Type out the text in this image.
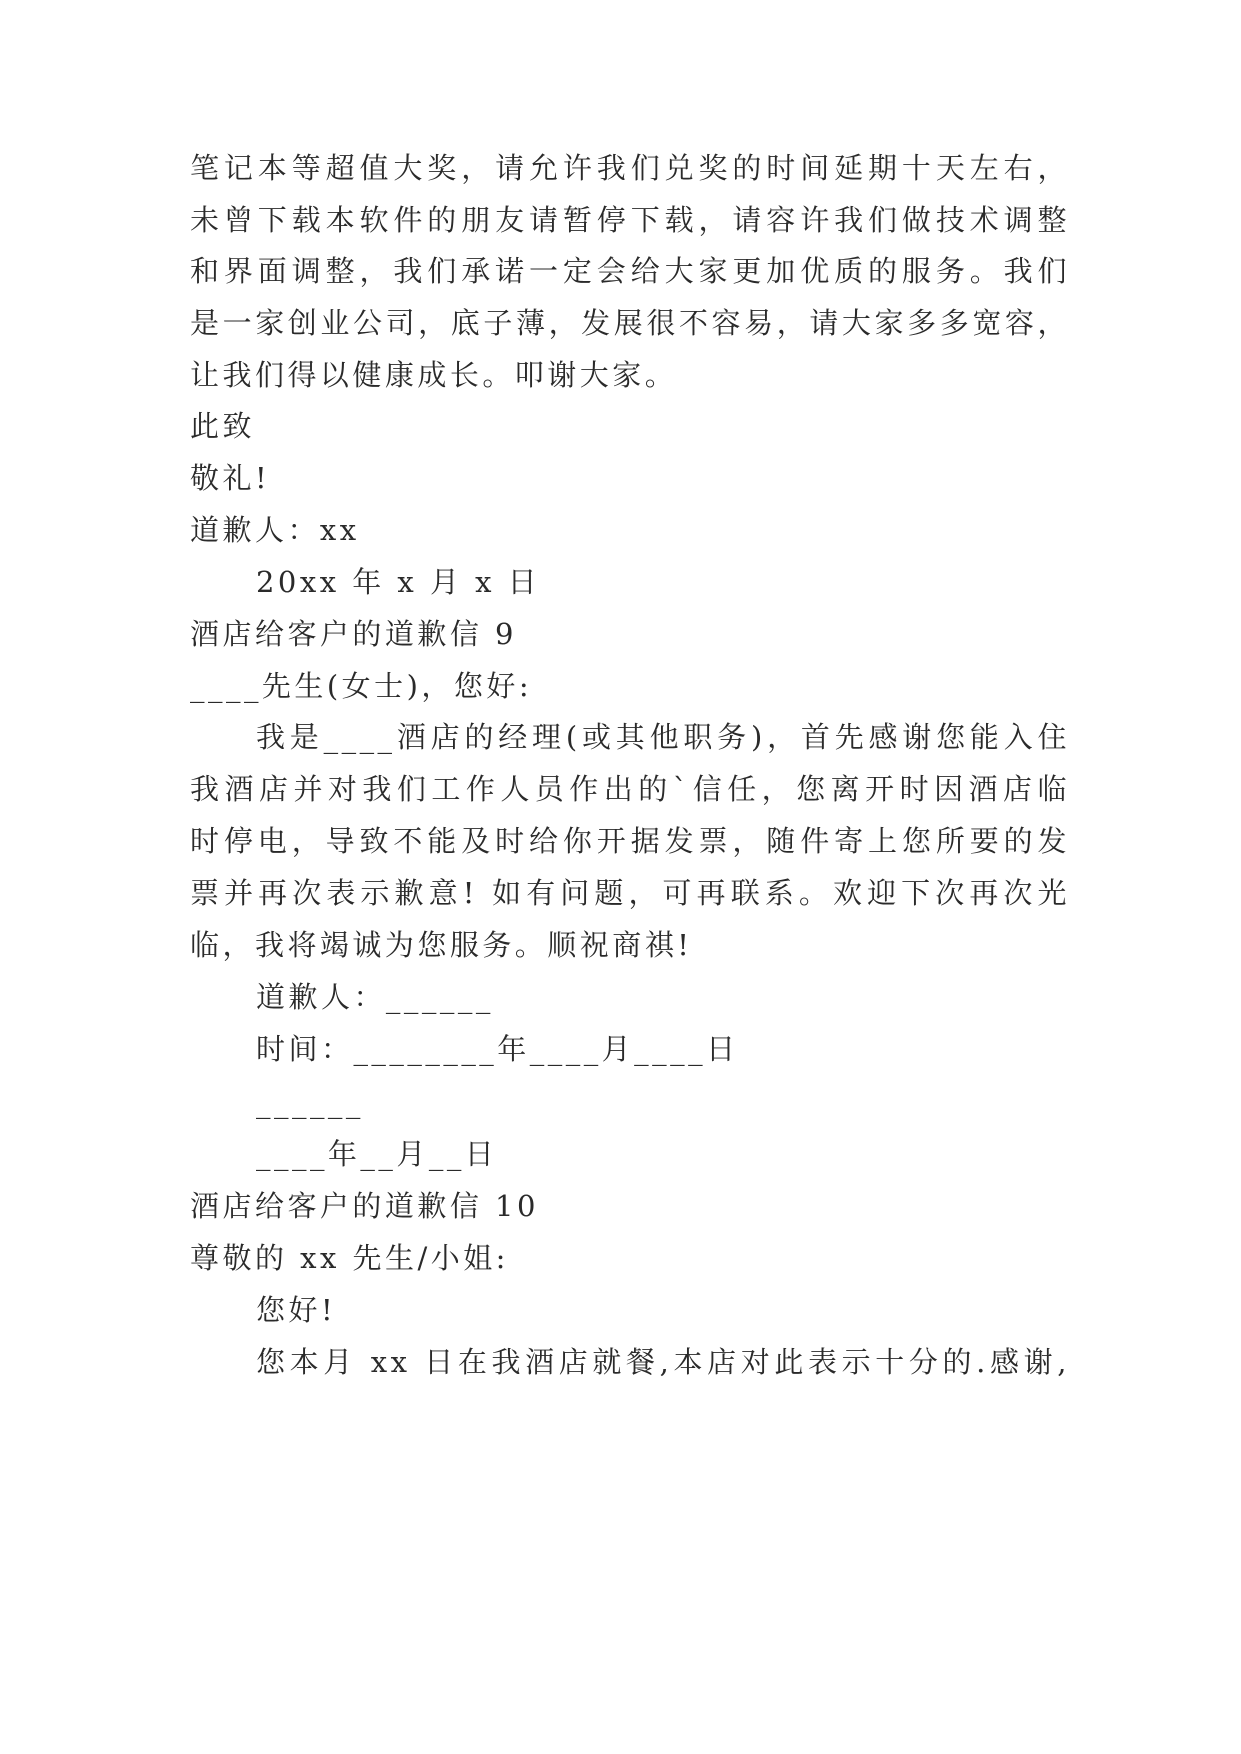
笔记本等超值大奖，请允许我们兑奖的时间延期十天左右，
未曾下载本软件的朋友请暂停下载，请容许我们做技术调整
和界面调整，我们承诺一定会给大家更加优质的服务。我们
是一家创业公司，底子薄，发展很不容易，请大家多多宽容，
让我们得以健康成长。叩谢大家。
此致
敬礼!
道歉人：xx
20xx 年 x 月 x 日
酒店给客户的道歉信 9
____先生(女士)，您好:
我是____酒店的经理(或其他职务)，首先感谢您能入住
我酒店并对我们工作人员作出的`信任，您离开时因酒店临
时停电，导致不能及时给你开据发票，随件寄上您所要的发
票并再次表示歉意! 如有问题，可再联系。欢迎下次再次光
临，我将竭诚为您服务。顺祝商祺!
道歉人：______
时间：________年____月____日
______
____年__月__日
酒店给客户的道歉信 10
尊敬的 xx 先生/小姐:
您好!
您本月 xx 日在我酒店就餐,本店对此表示十分的.感谢,
